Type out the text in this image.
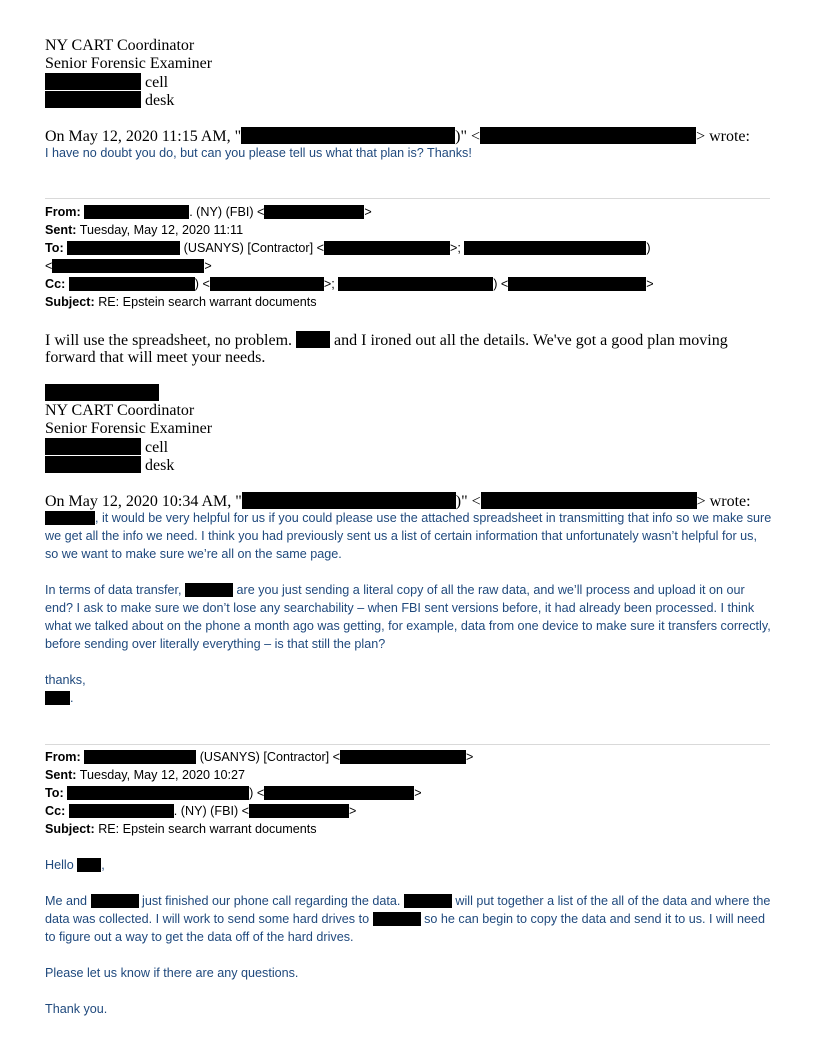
NY CART Coordinator
Senior Forensic Examiner
cell
desk
On May 12, 2020 11:15 AM, "	)" <	> wrote:
I have no doubt you do, but can you please tell us what that plan is? Thanks!
From:	. (NY) (FBI) <	>
Sent: Tuesday, May 12, 2020 11:11
To:	(USANYS) [Contractor] <	>;	)
<	>
Cc:	) <	>;	) <	>
Subject: RE: Epstein search warrant documents
I will use the spreadsheet, no problem.	and I ironed out all the details. We've got a good plan moving
forward that will meet your needs.
NY CART Coordinator
Senior Forensic Examiner
cell
desk
On May 12, 2020 10:34 AM, "	)" <	> wrote:
, it would be very helpful for us if you could please use the attached spreadsheet in transmitting that info so we make sure we get all the info we need. I think you had previously sent us a list of certain information that unfortunately wasn’t helpful for us, so we want to make sure we’re all on the same page.
In terms of data transfer,	are you just sending a literal copy of all the raw data, and we’ll process and upload it on our end? I ask to make sure we don’t lose any searchability – when FBI sent versions before, it had already been processed. I think what we talked about on the phone a month ago was getting, for example, data from one device to make sure it transfers correctly, before sending over literally everything – is that still the plan?
thanks,
.
From:	(USANYS) [Contractor] <	>
Sent: Tuesday, May 12, 2020 10:27
To:	) <	>
Cc:	. (NY) (FBI) <	>
Subject: RE: Epstein search warrant documents
Hello ,
Me and	just finished our phone call regarding the data.	will put together a list of the all of the data and where the data was collected. I will work to send some hard drives to	so he can begin to copy the data and send it to us. I will need to figure out a way to get the data off of the hard drives.
Please let us know if there are any questions.
Thank you.
